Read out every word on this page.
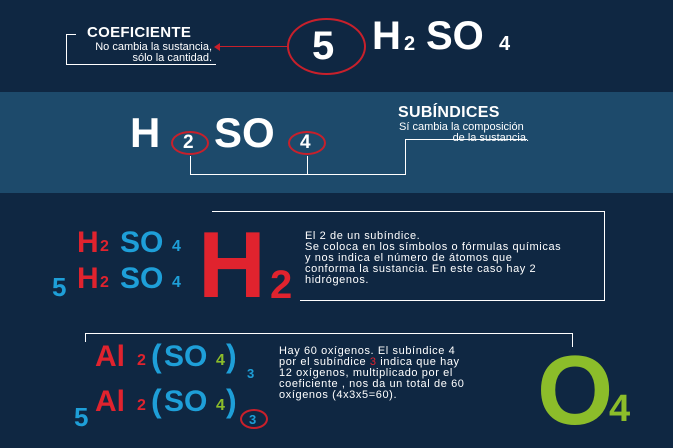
COEFICIENTE
No cambia la sustancia,
sólo la cantidad.	5 H 2 SO 4
H 2 SO 4
SUBÍNDICES
Sí cambia la composición
de la sustancia.
H 2 SO 4
5 H 2 SO 4 H 2
El 2 de un subíndice.
Se coloca en los símbolos o fórmulas químicas
y nos indica el número de átomos que
conforma la sustancia. En este caso hay 2
hidrógenos.
Al 2 ( SO 4 ) 3
5 Al 2 ( SO 4 )
3
Hay 60 oxígenos. El subíndice 4
por el subíndice 3 indica que hay
12 oxígenos, multiplicado por el
coeficiente , nos da un total de 60
oxígenos (4x3x5=60). O
4
